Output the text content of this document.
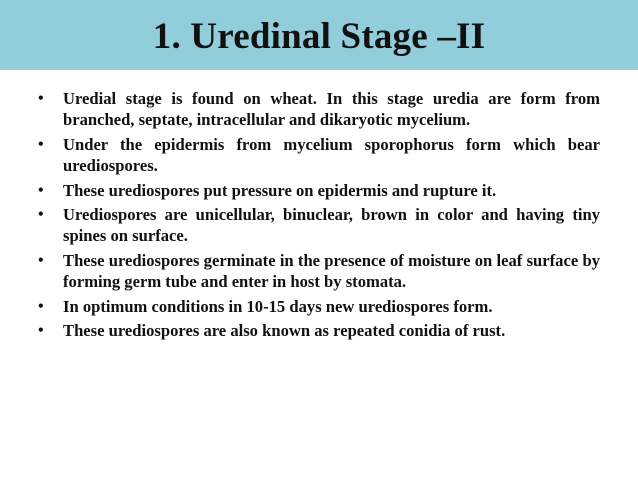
1. Uredinal Stage –II
• Uredial stage is found on wheat. In this stage uredia are form from branched, septate, intracellular and dikaryotic mycelium.
• Under the epidermis from mycelium sporophorus form which bear urediospores.
• These urediospores put pressure on epidermis and rupture it.
• Urediospores are unicellular, binuclear, brown in color and having tiny spines on surface.
• These urediospores germinate in the presence of moisture on leaf surface by forming germ tube and enter in host by stomata.
• In optimum conditions in 10-15 days new urediospores form.
• These urediospores are also known as repeated conidia of rust.
